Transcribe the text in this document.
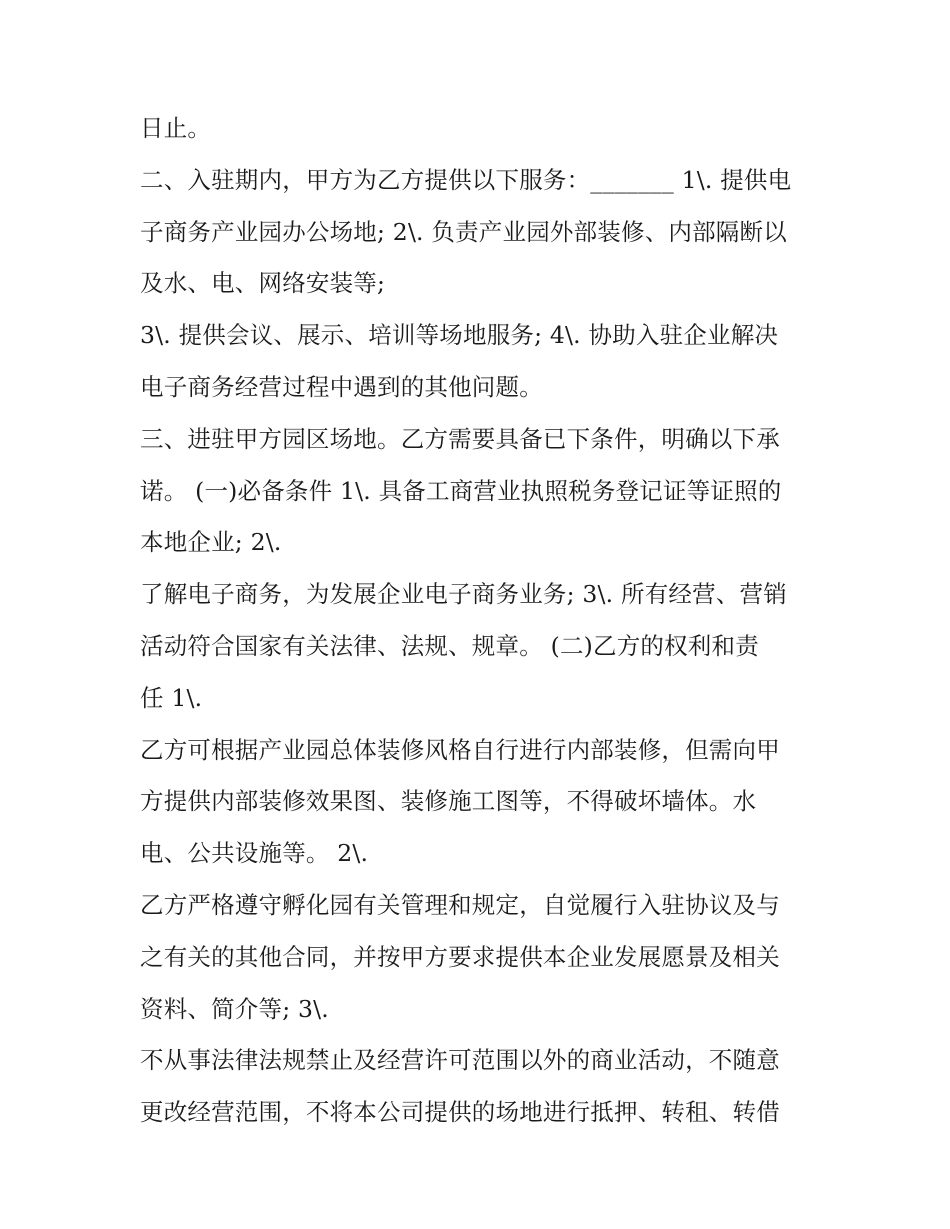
日止。
二、入驻期内，甲方为乙方提供以下服务：_______ 1\. 提供电
子商务产业园办公场地; 2\. 负责产业园外部装修、内部隔断以
及水、电、网络安装等;
3\. 提供会议、展示、培训等场地服务; 4\. 协助入驻企业解决
电子商务经营过程中遇到的其他问题。
三、进驻甲方园区场地。乙方需要具备已下条件，明确以下承
诺。 (一)必备条件 1\. 具备工商营业执照税务登记证等证照的
本地企业; 2\.
了解电子商务，为发展企业电子商务业务; 3\. 所有经营、营销
活动符合国家有关法律、法规、规章。 (二)乙方的权利和责
任 1\.
乙方可根据产业园总体装修风格自行进行内部装修，但需向甲
方提供内部装修效果图、装修施工图等，不得破坏墙体。水
电、公共设施等。 2\.
乙方严格遵守孵化园有关管理和规定，自觉履行入驻协议及与
之有关的其他合同，并按甲方要求提供本企业发展愿景及相关
资料、简介等; 3\.
不从事法律法规禁止及经营许可范围以外的商业活动，不随意
更改经营范围，不将本公司提供的场地进行抵押、转租、转借
